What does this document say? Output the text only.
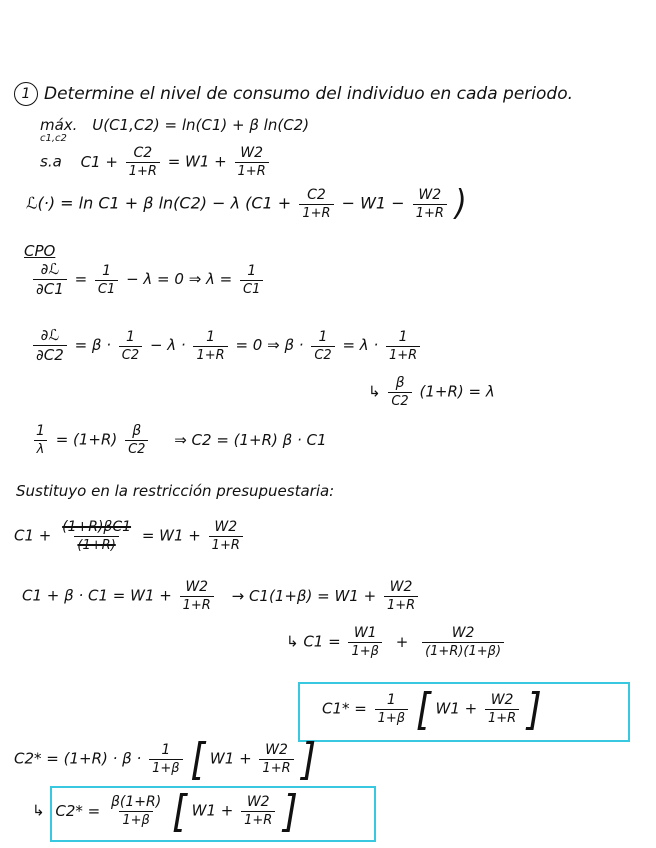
1 Determine el nivel de consumo del individuo en cada periodo.
máx.
c1,c2
U(C1,C2) = ln(C1) + β ln(C2)
s.a $C1 + \frac{C2}{1+R} = W1 + \frac{W2}{1+R}$
ℒ(·) = ln C1 + β ln(C2) − λ ($C1 + \frac{C2}{1+R} - W1 - \frac{W2}{1+R}$ )
CPO
$\frac{\text{∂ℒ}}{\partial C1} = \frac{1}{C1} - \lambda = 0$ ⇒ $\lambda = \frac{1}{C1}$
$\frac{\text{∂ℒ}}{\partial C2} = \beta \cdot \frac{1}{C2} - \lambda \cdot \frac{1}{1+R} = 0$ ⇒ $\beta \cdot \frac{1}{C2} = \lambda \cdot \frac{1}{1+R}$
↳ $\frac{\beta}{C2} (1+R) = \lambda$
$\frac{1}{\lambda} = (1+R) \frac{\beta}{C2}$ ⇒ C2 = (1+R) β · C1
Sustituyo en la restricción presupuestaria:
$C1 + \frac{(1+R)\beta C1}{(1+R)} = W1 + \frac{W2}{1+R}$
$C1 + \beta \cdot C1 = W1 + \frac{W2}{1+R} \to C1(1+\beta) = W1 + \frac{W2}{1+R}$
↳ $C1 = \frac{W1}{1+\beta} + \frac{W2}{(1+R)(1+\beta)}$
$C1* = \frac{1}{1+\beta}$ [ $W1 + \frac{W2}{1+R}$ ]
$C2* = (1+R) \cdot \beta \cdot \frac{1}{1+\beta}$ [ $W1 + \frac{W2}{1+R}$ ]
↳ $C2* = \frac{\beta(1+R)}{1+\beta}$ [ $W1 + \frac{W2}{1+R}$ ]
